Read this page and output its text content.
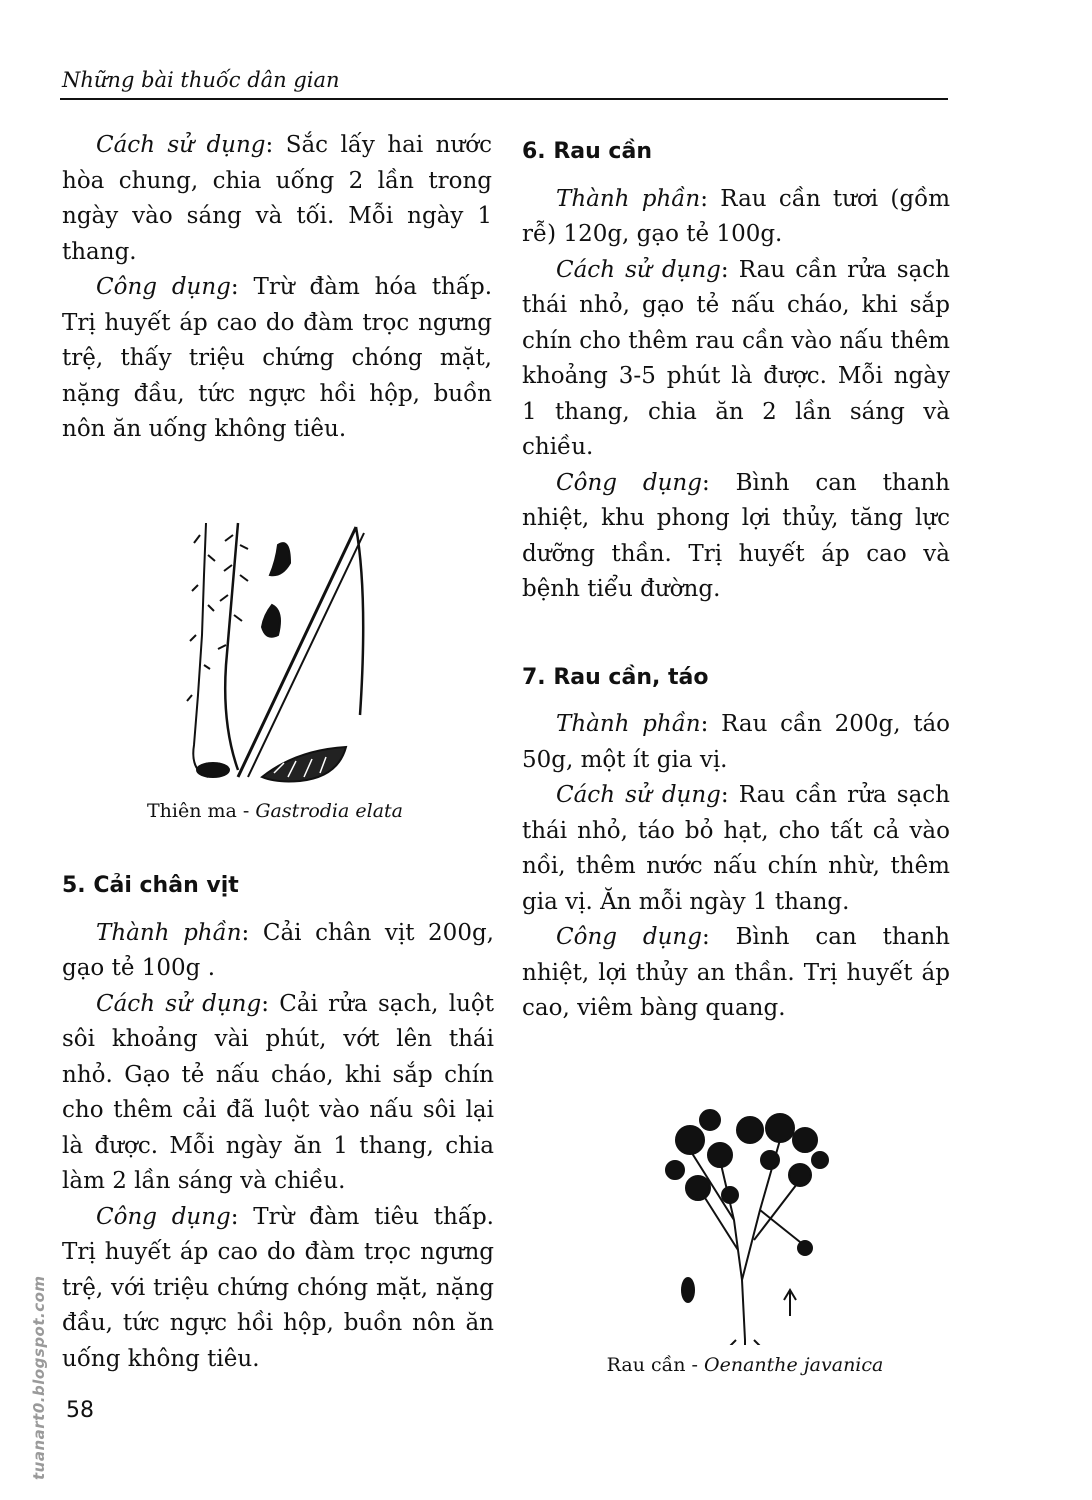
Những bài thuốc dân gian

Cách sử dụng: Sắc lấy hai nước hòa chung, chia uống 2 lần trong ngày vào sáng và tối. Mỗi ngày 1 thang.

Công dụng: Trừ đàm hóa thấp. Trị huyết áp cao do đàm trọc ngưng trệ, thấy triệu chứng chóng mặt, nặng đầu, tức ngực hồi hộp, buồn nôn ăn uống không tiêu.

Thiên ma - Gastrodia elata

5. Cải chân vịt

Thành phần: Cải chân vịt 200g, gạo tẻ 100g .

Cách sử dụng: Cải rửa sạch, luột sôi khoảng vài phút, vớt lên thái nhỏ. Gạo tẻ nấu cháo, khi sắp chín cho thêm cải đã luột vào nấu sôi lại là được. Mỗi ngày ăn 1 thang, chia làm 2 lần sáng và chiều.

Công dụng: Trừ đàm tiêu thấp. Trị huyết áp cao do đàm trọc ngưng trệ, với triệu chứng chóng mặt, nặng đầu, tức ngực hồi hộp, buồn nôn ăn uống không tiêu.

6. Rau cần

Thành phần: Rau cần tươi (gồm rễ) 120g, gạo tẻ 100g.

Cách sử dụng: Rau cần rửa sạch thái nhỏ, gạo tẻ nấu cháo, khi sắp chín cho thêm rau cần vào nấu thêm khoảng 3-5 phút là được. Mỗi ngày 1 thang, chia ăn 2 lần sáng và chiều.

Công dụng: Bình can thanh nhiệt, khu phong lợi thủy, tăng lực dưỡng thần. Trị huyết áp cao và bệnh tiểu đường.

7. Rau cần, táo

Thành phần: Rau cần 200g, táo 50g, một ít gia vị.

Cách sử dụng: Rau cần rửa sạch thái nhỏ, táo bỏ hạt, cho tất cả vào nồi, thêm nước nấu chín nhừ, thêm gia vị. Ăn mỗi ngày 1 thang.

Công dụng: Bình can thanh nhiệt, lợi thủy an thần. Trị huyết áp cao, viêm bàng quang.

Rau cần - Oenanthe javanica
58
tuanart0.blogspot.com
